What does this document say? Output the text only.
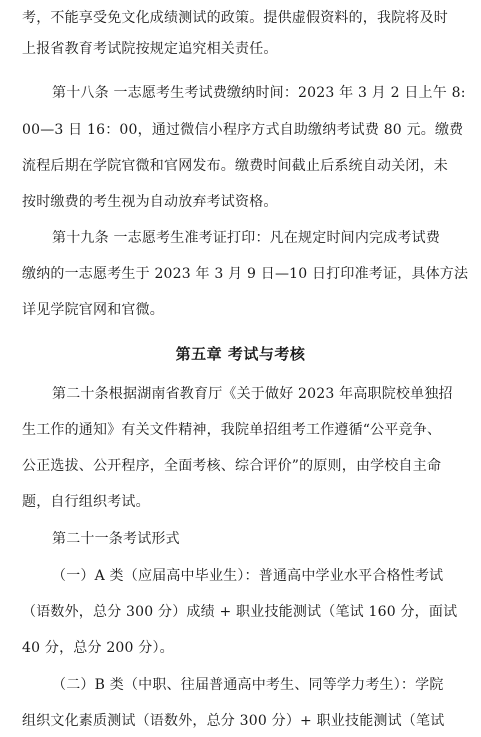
考，不能享受免文化成绩测试的政策。提供虚假资料的，我院将及时
上报省教育考试院按规定追究相关责任。
第十八条 一志愿考生考试费缴纳时间：2023 年 3 月 2 日上午 8:
00—3 日 16：00，通过微信小程序方式自助缴纳考试费 80 元。缴费
流程后期在学院官微和官网发布。缴费时间截止后系统自动关闭，未
按时缴费的考生视为自动放弃考试资格。
第十九条 一志愿考生准考证打印：凡在规定时间内完成考试费
缴纳的一志愿考生于 2023 年 3 月 9 日—10 日打印准考证，具体方法
详见学院官网和官微。
第五章 考试与考核
第二十条根据湖南省教育厅《关于做好 2023 年高职院校单独招
生工作的通知》有关文件精神，我院单招组考工作遵循“公平竞争、
公正选拔、公开程序，全面考核、综合评价”的原则，由学校自主命
题，自行组织考试。
第二十一条考试形式
（一）A 类（应届高中毕业生）：普通高中学业水平合格性考试
（语数外，总分 300 分）成绩 + 职业技能测试（笔试 160 分，面试
40 分，总分 200 分）。
（二）B 类（中职、往届普通高中考生、同等学力考生）：学院
组织文化素质测试（语数外，总分 300 分）+ 职业技能测试（笔试
